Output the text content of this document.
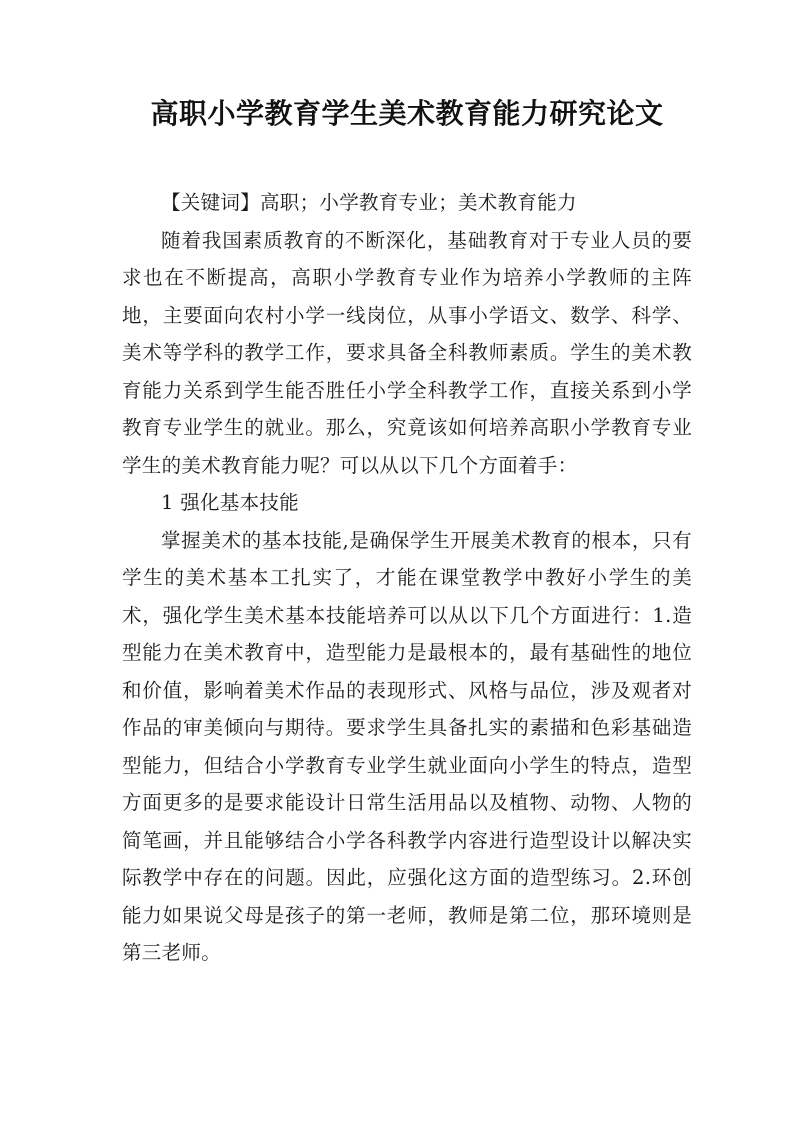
高职小学教育学生美术教育能力研究论文

【关键词】高职；小学教育专业；美术教育能力

随着我国素质教育的不断深化，基础教育对于专业人员的要求也在不断提高，高职小学教育专业作为培养小学教师的主阵地，主要面向农村小学一线岗位，从事小学语文、数学、科学、美术等学科的教学工作，要求具备全科教师素质。学生的美术教育能力关系到学生能否胜任小学全科教学工作，直接关系到小学教育专业学生的就业。那么，究竟该如何培养高职小学教育专业学生的美术教育能力呢？可以从以下几个方面着手：

1 强化基本技能

掌握美术的基本技能,是确保学生开展美术教育的根本，只有学生的美术基本工扎实了，才能在课堂教学中教好小学生的美术，强化学生美术基本技能培养可以从以下几个方面进行：1.造型能力在美术教育中，造型能力是最根本的，最有基础性的地位和价值，影响着美术作品的表现形式、风格与品位，涉及观者对作品的审美倾向与期待。要求学生具备扎实的素描和色彩基础造型能力，但结合小学教育专业学生就业面向小学生的特点，造型方面更多的是要求能设计日常生活用品以及植物、动物、人物的简笔画，并且能够结合小学各科教学内容进行造型设计以解决实际教学中存在的问题。因此，应强化这方面的造型练习。2.环创能力如果说父母是孩子的第一老师，教师是第二位，那环境则是第三老师。
